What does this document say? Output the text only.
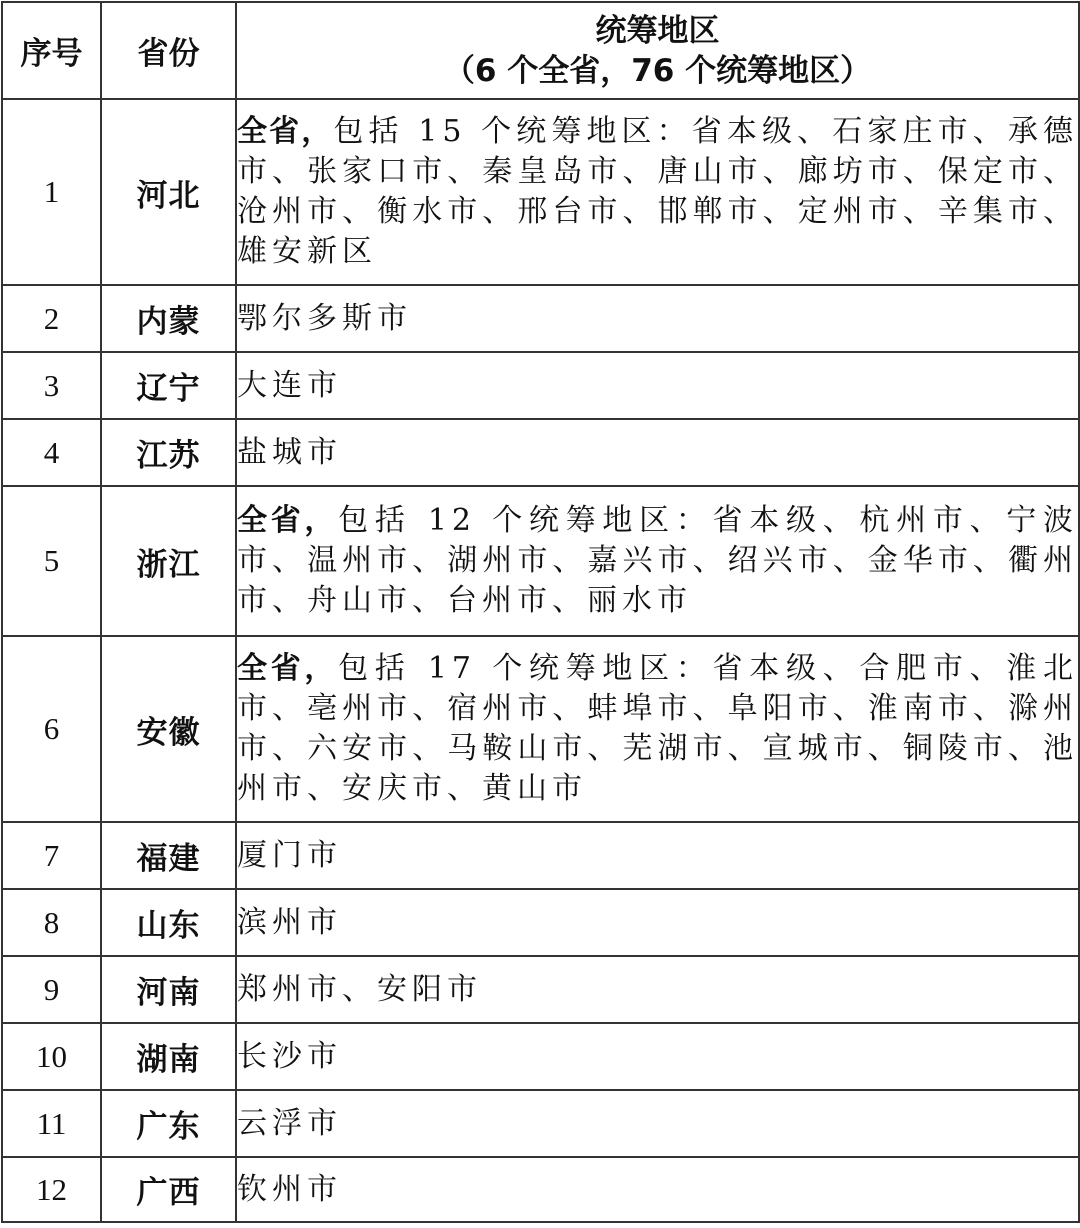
序号	省份	统筹地区
（6 个全省，76 个统筹地区）

1	河北	全省，包括 15 个统筹地区：省本级、石家庄市、承德市、张家口市、秦皇岛市、唐山市、廊坊市、保定市、沧州市、衡水市、邢台市、邯郸市、定州市、辛集市、雄安新区
2	内蒙	鄂尔多斯市
3	辽宁	大连市
4	江苏	盐城市
5	浙江	全省，包括 12 个统筹地区：省本级、杭州市、宁波市、温州市、湖州市、嘉兴市、绍兴市、金华市、衢州市、舟山市、台州市、丽水市
6	安徽	全省，包括 17 个统筹地区：省本级、合肥市、淮北市、亳州市、宿州市、蚌埠市、阜阳市、淮南市、滁州市、六安市、马鞍山市、芜湖市、宣城市、铜陵市、池州市、安庆市、黄山市
7	福建	厦门市
8	山东	滨州市
9	河南	郑州市、安阳市
10	湖南	长沙市
11	广东	云浮市
12	广西	钦州市
